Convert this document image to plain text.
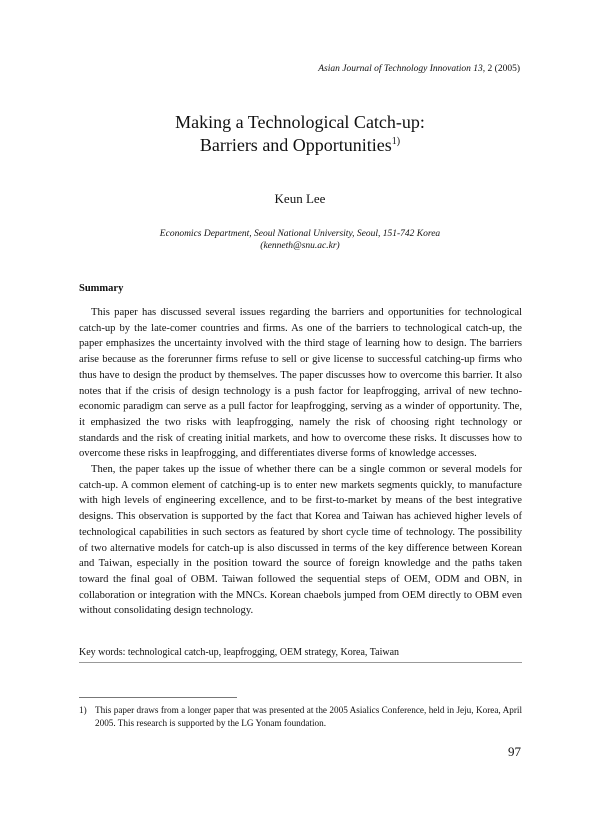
Asian Journal of Technology Innovation 13, 2 (2005)
Making a Technological Catch-up:
Barriers and Opportunities$^{1)}$
Keun Lee
Economics Department, Seoul National University, Seoul, 151-742 Korea
(kenneth@snu.ac.kr)
Summary

This paper has discussed several issues regarding the barriers and opportunities for technological catch-up by the late-comer countries and firms. As one of the barriers to technological catch-up, the paper emphasizes the uncertainty involved with the third stage of learning how to design. The barriers arise because as the forerunner firms refuse to sell or give license to successful catching-up firms who thus have to design the product by themselves. The paper discusses how to overcome this barrier. It also notes that if the crisis of design technology is a push factor for leapfrogging, arrival of new techno-economic paradigm can serve as a pull factor for leapfrogging, serving as a winder of opportunity. The, it emphasized the two risks with leapfrogging, namely the risk of choosing right technology or standards and the risk of creating initial markets, and how to overcome these risks. It discusses how to overcome these risks in leapfrogging, and differentiates diverse forms of knowledge accesses.

Then, the paper takes up the issue of whether there can be a single common or several models for catch-up. A common element of catching-up is to enter new markets segments quickly, to manufacture with high levels of engineering excellence, and to be first-to-market by means of the best integrative designs. This observation is supported by the fact that Korea and Taiwan has achieved higher levels of technological capabilities in such sectors as featured by short cycle time of technology. The possibility of two alternative models for catch-up is also discussed in terms of the key difference between Korean and Taiwan, especially in the position toward the source of foreign knowledge and the paths taken toward the final goal of OBM. Taiwan followed the sequential steps of OEM, ODM and OBN, in collaboration or integration with the MNCs. Korean chaebols jumped from OEM directly to OBM even without consolidating design technology.

Key words: technological catch-up, leapfrogging, OEM strategy, Korea, Taiwan
1) This paper draws from a longer paper that was presented at the 2005 Asialics Conference, held in Jeju, Korea, April 2005. This research is supported by the LG Yonam foundation.
97
